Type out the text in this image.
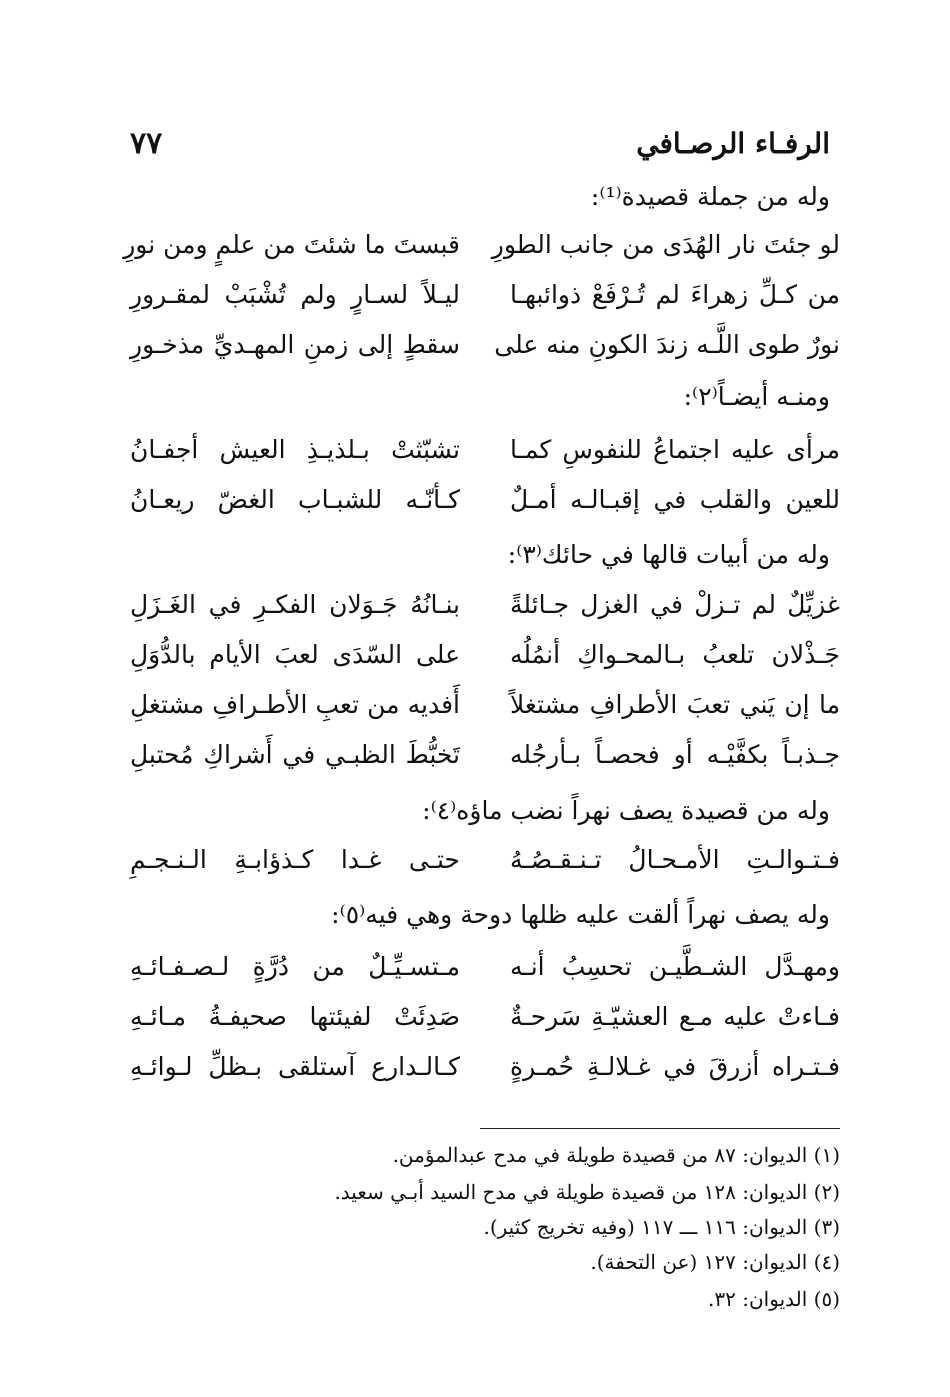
الرفـاء الرصـافي
٧٧
وله من جملة قصيدة⁽¹⁾:
لو جئتَ نار الهُدَى من جانب الطورِ
قبستَ ما شئتَ من علمٍ ومن نورِ
من كـلِّ زهراءَ لم تُـرْفَعْ ذوائبهـا
ليـلاً لسـارٍ ولم تُشْبَبْ لمقـرورِ
نورٌ طوى اللَّـه زندَ الكونِ منه على
سقطٍ إلى زمنِ المهـديِّ مذخـورِ
ومنـه أيضـاً⁽٢⁾:
مرأى عليه اجتماعُ للنفوسِ كمـا
تشبّثتْ بـلذيـذِ العيش أجفـانُ
للعين والقلب في إقبـالـه أمـلٌ
كـأنّـه للشبـاب الغضّ ريعـانُ
وله من أبيات قالها في حائك⁽٣⁾:
غزيِّلٌ لم تـزلْ في الغزل جـائلةً
بنـانُهُ جَـوَلان الفكـرِ في الغَـزَلِ
جَـذْلان تلعبُ بـالمحـواكِ أنمُلُه
على السّدَى لعبَ الأيام بالدُّوَلِ
ما إن يَني تعبَ الأطرافِ مشتغلاً
أَفديه من تعبِ الأطـرافِ مشتغلِ
جـذبـاً بكفَّيْـه أو فحصـاً بـأرجُله
تَخبُّطَ الظبـي في أَشراكِ مُحتبلِ
وله من قصيدة يصف نهراً نضب ماؤه⁽٤⁾:
فـتـوالـتِ الأمـحـالُ تـنـقـصُـهُ
حتـى غـدا كـذؤابـةِ الـنـجـمِ
وله يصف نهراً ألقت عليه ظلها دوحة وهي فيه⁽٥⁾:
ومهـدَّل الشـطَّيـن تحسِبُ أنـه
مـتسـيِّـلٌ من دُرَّةٍ لـصـفـائـهِ
فـاءتْ عليه مـع العشيّـةِ سَرحـةٌ
صَدِئَتْ لفيئتها صحيفـةُ مـائـهِ
فـتـراه أزرقَ في غـلالـةِ حُمـرةٍ
كـالـدارع آستلقى بـظلِّ لـوائـهِ
(١) الديوان: ٨٧ من قصيدة طويلة في مدح عبدالمؤمن.
(٢) الديوان: ١٢٨ من قصيدة طويلة في مدح السيد أبـي سعيد.
(٣) الديوان: ١١٦ ـــ ١١٧ (وفيه تخريج كثير).
(٤) الديوان: ١٢٧ (عن التحفة).
(٥) الديوان: ٣٢.
